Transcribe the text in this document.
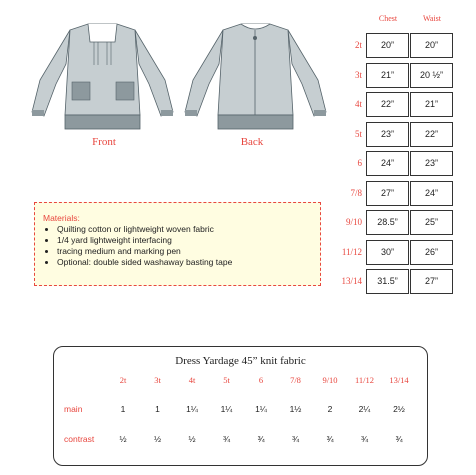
Front	Back
Chest	Waist
2t	20”	20”
3t	21”	20 ½”
4t	22”	21”
5t	23”	22”
6	24”	23”
7/8	27”	24”
9/10	28.5”	25”
11/12	30”	26”
13/14	31.5”	27”
Materials:
• Quilting cotton or lightweight woven fabric
• 1/4 yard lightweight interfacing
• tracing medium and marking pen
• Optional: double sided washaway basting tape
Dress Yardage 45” knit fabric
2t	3t	4t	5t	6	7/8	9/10	11/12	13/14
main	1	1	1¼	1¼	1¼	1½	2	2¼	2½
contrast	½	½	½	¾	¾	¾	¾	¾	¾
